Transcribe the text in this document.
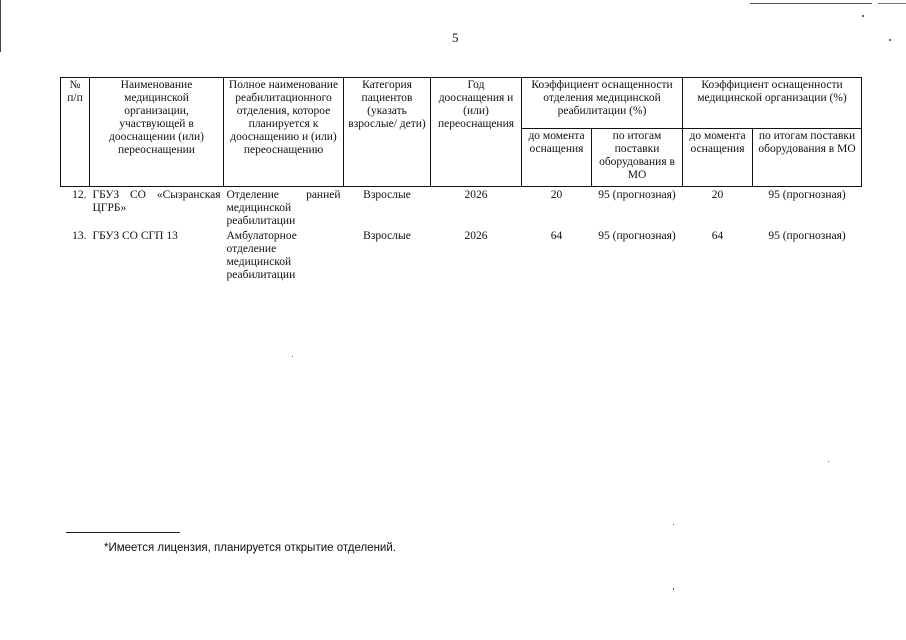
5
№ п/п	Наименование медицинской организации, участвующей в дооснащении (или) переоснащении	Полное наименование реабилитационного отделения, которое планируется к дооснащению и (или) переоснащению	Категория пациентов (указать взрослые/ дети)	Год дооснащения и (или) переоснащения	Коэффициент оснащенности отделения медицинской реабилитации (%)		Коэффициент оснащенности медицинской организации (%)	
					до момента оснащения	по итогам поставки оборудования в МО	до момента оснащения	по итогам поставки оборудования в МО
12.	ГБУЗ СО «Сызранская ЦГРБ»	Отделение ранней медицинской реабилитации	Взрослые	2026	20	95 (прогнозная)	20	95 (прогнозная)
13.	ГБУЗ СО СГП 13	Амбулаторное отделение медицинской реабилитации	Взрослые	2026	64	95 (прогнозная)	64	95 (прогнозная)
*Имеется лицензия, планируется открытие отделений.
